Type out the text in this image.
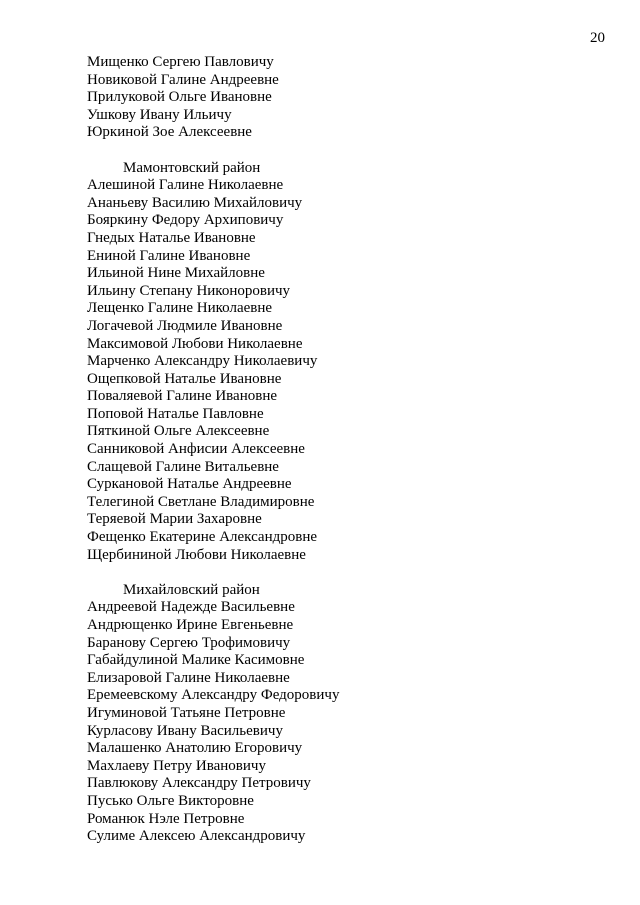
20
Мищенко Сергею Павловичу
Новиковой Галине Андреевне
Прилуковой Ольге Ивановне
Ушкову Ивану Ильичу
Юркиной Зое Алексеевне
Мамонтовский район
Алешиной Галине Николаевне
Ананьеву Василию Михайловичу
Бояркину Федору Архиповичу
Гнедых Наталье Ивановне
Ениной Галине Ивановне
Ильиной Нине Михайловне
Ильину Степану Никоноровичу
Лещенко Галине Николаевне
Логачевой Людмиле Ивановне
Максимовой Любови Николаевне
Марченко Александру Николаевичу
Ощепковой Наталье Ивановне
Поваляевой Галине Ивановне
Поповой Наталье Павловне
Пяткиной Ольге Алексеевне
Санниковой Анфисии Алексеевне
Слащевой Галине Витальевне
Суркановой Наталье Андреевне
Телегиной Светлане Владимировне
Теряевой Марии Захаровне
Фещенко Екатерине Александровне
Щербининой Любови Николаевне
Михайловский район
Андреевой Надежде Васильевне
Андрющенко Ирине Евгеньевне
Баранову Сергею Трофимовичу
Габайдулиной Малике Касимовне
Елизаровой Галине Николаевне
Еремеевскому Александру Федоровичу
Игуминовой Татьяне Петровне
Курласову Ивану Васильевичу
Малашенко Анатолию Егоровичу
Махлаеву Петру Ивановичу
Павлюкову Александру Петровичу
Пусько Ольге Викторовне
Романюк Нэле Петровне
Сулиме Алексею Александровичу
